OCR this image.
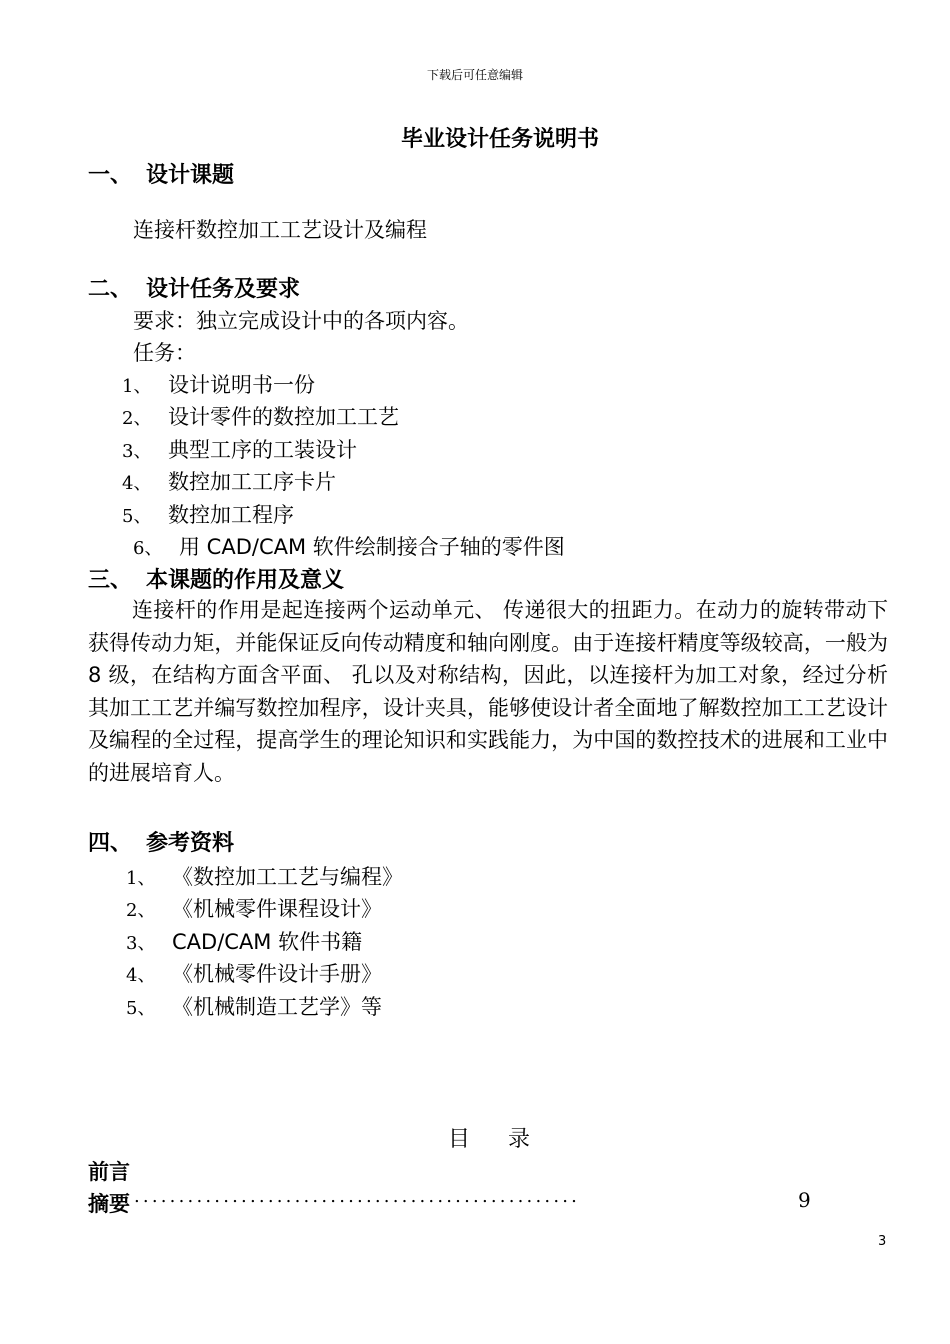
下载后可任意编辑
毕业设计任务说明书
一、 设计课题
连接杆数控加工工艺设计及编程
二、 设计任务及要求
要求：独立完成设计中的各项内容。
任务：
1、 设计说明书一份
2、 设计零件的数控加工工艺
3、 典型工序的工装设计
4、 数控加工工序卡片
5、 数控加工程序
6、 用 CAD/CAM 软件绘制接合子轴的零件图
三、 本课题的作用及意义
连接杆的作用是起连接两个运动单元、 传递很大的扭距力。在动力的旋转带动下获得传动力矩，并能保证反向传动精度和轴向刚度。由于连接杆精度等级较高，一般为 8 级，在结构方面含平面、 孔以及对称结构，因此，以连接杆为加工对象，经过分析其加工工艺并编写数控加程序，设计夹具，能够使设计者全面地了解数控加工工艺设计及编程的全过程，提高学生的理论知识和实践能力，为中国的数控技术的进展和工业中的进展培育人。
四、 参考资料
1、 《数控加工工艺与编程》
2、 《机械零件课程设计》
3、 CAD/CAM 软件书籍
4、 《机械零件设计手册》
5、 《机械制造工艺学》等
目录
前言
摘要 ..................................................	9
3
